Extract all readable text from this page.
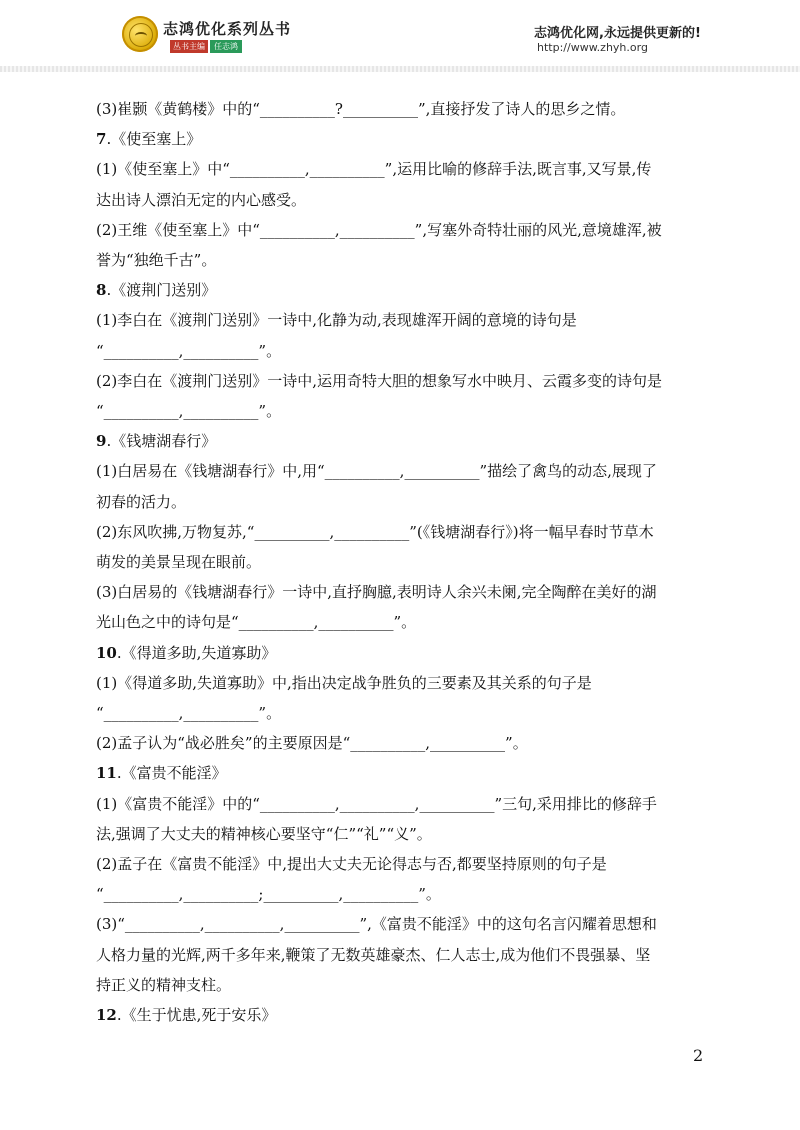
志鸿优化系列丛书
丛书主编	任志鸿
志鸿优化网,永远提供更新的!
http://www.zhyh.org
(3)崔颢《黄鹤楼》中的“__________?__________”,直接抒发了诗人的思乡之情。
7.《使至塞上》
(1)《使至塞上》中“__________,__________”,运用比喻的修辞手法,既言事,又写景,传
达出诗人漂泊无定的内心感受。
(2)王维《使至塞上》中“__________,__________”,写塞外奇特壮丽的风光,意境雄浑,被
誉为“独绝千古”。
8.《渡荆门送别》
(1)李白在《渡荆门送别》一诗中,化静为动,表现雄浑开阔的意境的诗句是
“__________,__________”。
(2)李白在《渡荆门送别》一诗中,运用奇特大胆的想象写水中映月、云霞多变的诗句是
“__________,__________”。
9.《钱塘湖春行》
(1)白居易在《钱塘湖春行》中,用“__________,__________”描绘了禽鸟的动态,展现了
初春的活力。
(2)东风吹拂,万物复苏,“__________,__________”(《钱塘湖春行》)将一幅早春时节草木
萌发的美景呈现在眼前。
(3)白居易的《钱塘湖春行》一诗中,直抒胸臆,表明诗人余兴未阑,完全陶醉在美好的湖
光山色之中的诗句是“__________,__________”。
10.《得道多助,失道寡助》
(1)《得道多助,失道寡助》中,指出决定战争胜负的三要素及其关系的句子是
“__________,__________”。
(2)孟子认为“战必胜矣”的主要原因是“__________,__________”。
11.《富贵不能淫》
(1)《富贵不能淫》中的“__________,__________,__________”三句,采用排比的修辞手
法,强调了大丈夫的精神核心要坚守“仁”“礼”“义”。
(2)孟子在《富贵不能淫》中,提出大丈夫无论得志与否,都要坚持原则的句子是
“__________,__________;__________,__________”。
(3)“__________,__________,__________”,《富贵不能淫》中的这句名言闪耀着思想和
人格力量的光辉,两千多年来,鞭策了无数英雄豪杰、仁人志士,成为他们不畏强暴、坚
持正义的精神支柱。
12.《生于忧患,死于安乐》
2
